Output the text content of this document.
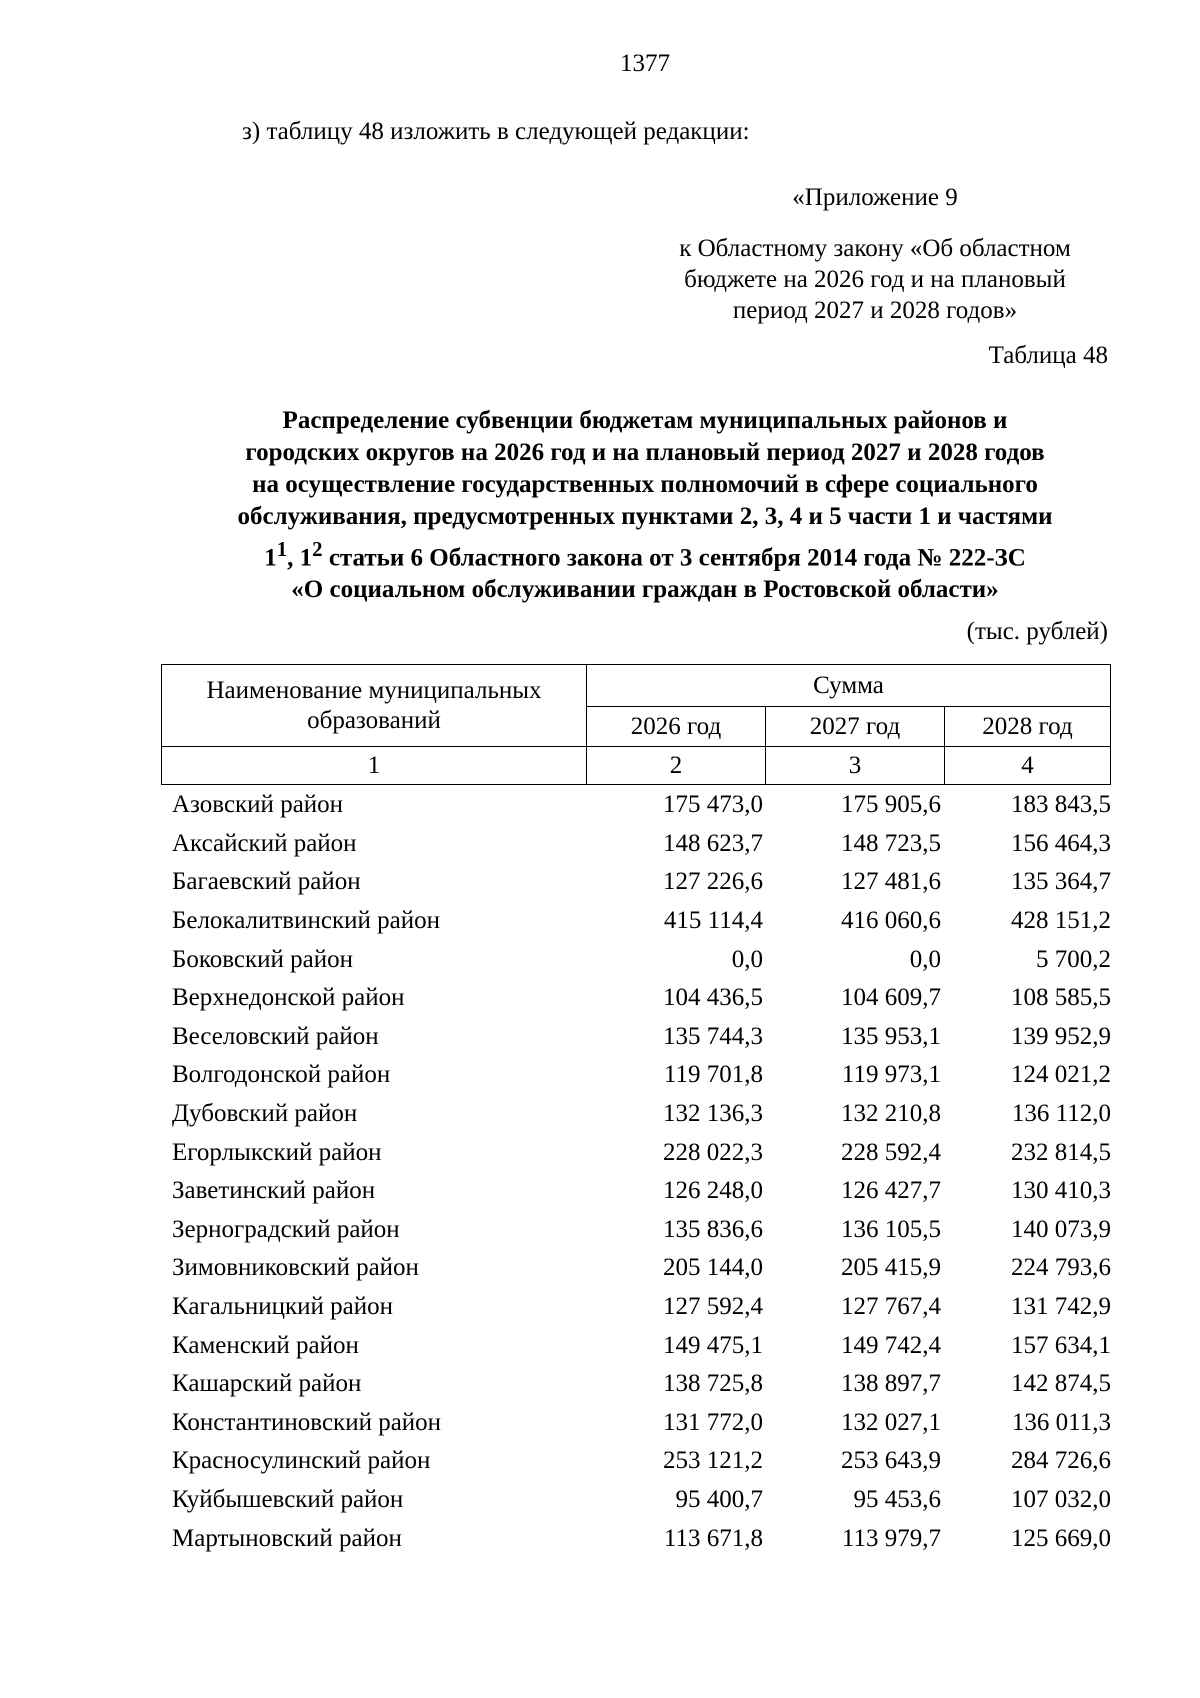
1377
з) таблицу 48 изложить в следующей редакции:
«Приложение 9
к Областному закону «Об областном
бюджете на 2026 год и на плановый
период 2027 и 2028 годов»
Таблица 48
Распределение субвенции бюджетам муниципальных районов и
городских округов на 2026 год и на плановый период 2027 и 2028 годов
на осуществление государственных полномочий в сфере социального
обслуживания, предусмотренных пунктами 2, 3, 4 и 5 части 1 и частями
$1^1$, $1^2$ статьи 6 Областного закона от 3 сентября 2014 года № 222-ЗС
«О социальном обслуживании граждан в Ростовской области»
(тыс. рублей)
Наименование муниципальных
образований	Сумма		
	2026 год	2027 год	2028 год
1	2	3	4
Азовский район	175 473,0	175 905,6	183 843,5
Аксайский район	148 623,7	148 723,5	156 464,3
Багаевский район	127 226,6	127 481,6	135 364,7
Белокалитвинский район	415 114,4	416 060,6	428 151,2
Боковский район	0,0	0,0	5 700,2
Верхнедонской район	104 436,5	104 609,7	108 585,5
Веселовский район	135 744,3	135 953,1	139 952,9
Волгодонской район	119 701,8	119 973,1	124 021,2
Дубовский район	132 136,3	132 210,8	136 112,0
Егорлыкский район	228 022,3	228 592,4	232 814,5
Заветинский район	126 248,0	126 427,7	130 410,3
Зерноградский район	135 836,6	136 105,5	140 073,9
Зимовниковский район	205 144,0	205 415,9	224 793,6
Кагальницкий район	127 592,4	127 767,4	131 742,9
Каменский район	149 475,1	149 742,4	157 634,1
Кашарский район	138 725,8	138 897,7	142 874,5
Константиновский район	131 772,0	132 027,1	136 011,3
Красносулинский район	253 121,2	253 643,9	284 726,6
Куйбышевский район	95 400,7	95 453,6	107 032,0
Мартыновский район	113 671,8	113 979,7	125 669,0
